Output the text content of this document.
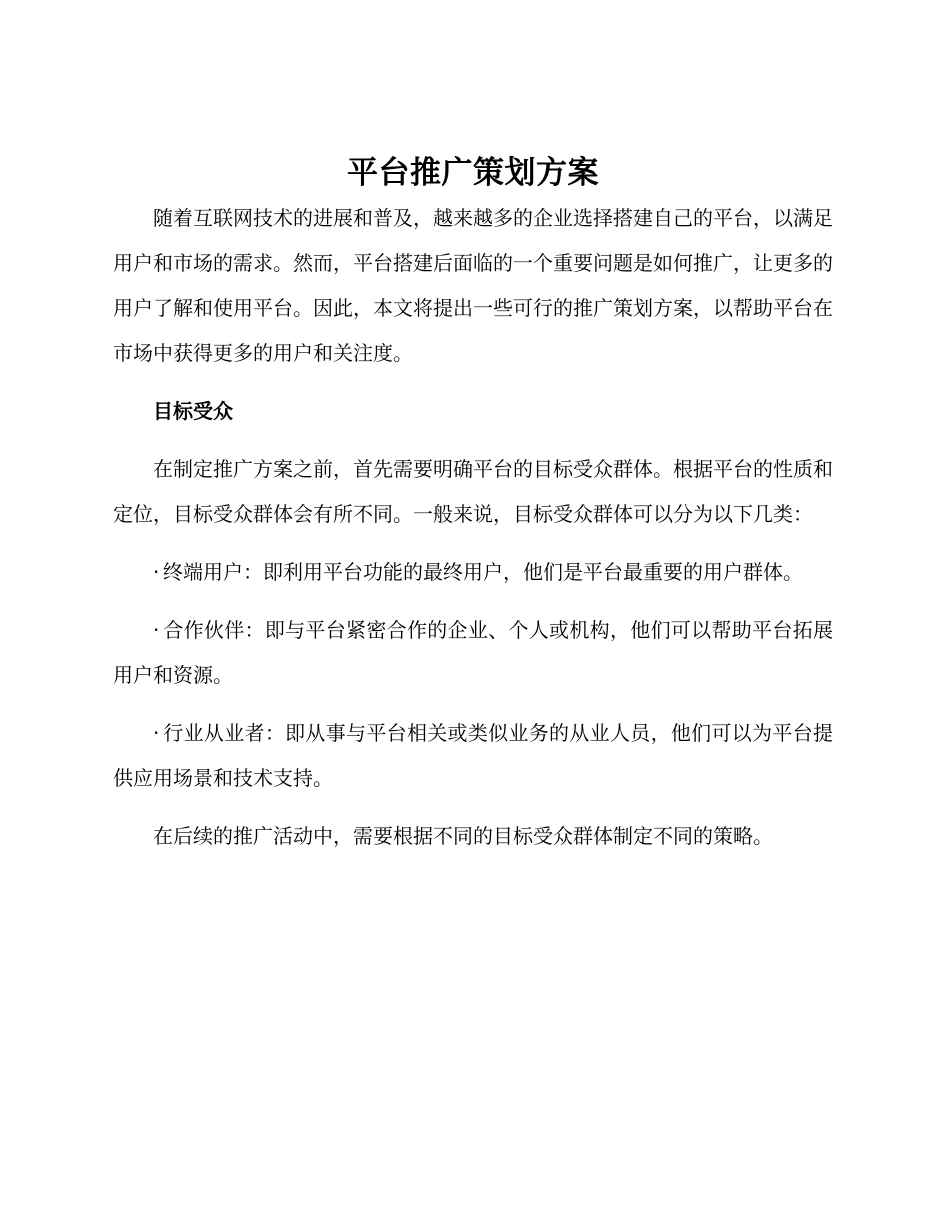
平台推广策划方案

随着互联网技术的进展和普及，越来越多的企业选择搭建自己的平台，以满足用户和市场的需求。然而，平台搭建后面临的一个重要问题是如何推广，让更多的用户了解和使用平台。因此，本文将提出一些可行的推广策划方案，以帮助平台在市场中获得更多的用户和关注度。

目标受众

在制定推广方案之前，首先需要明确平台的目标受众群体。根据平台的性质和定位，目标受众群体会有所不同。一般来说，目标受众群体可以分为以下几类：

· 终端用户：即利用平台功能的最终用户，他们是平台最重要的用户群体。

· 合作伙伴：即与平台紧密合作的企业、个人或机构，他们可以帮助平台拓展用户和资源。

· 行业从业者：即从事与平台相关或类似业务的从业人员，他们可以为平台提供应用场景和技术支持。

在后续的推广活动中，需要根据不同的目标受众群体制定不同的策略。
